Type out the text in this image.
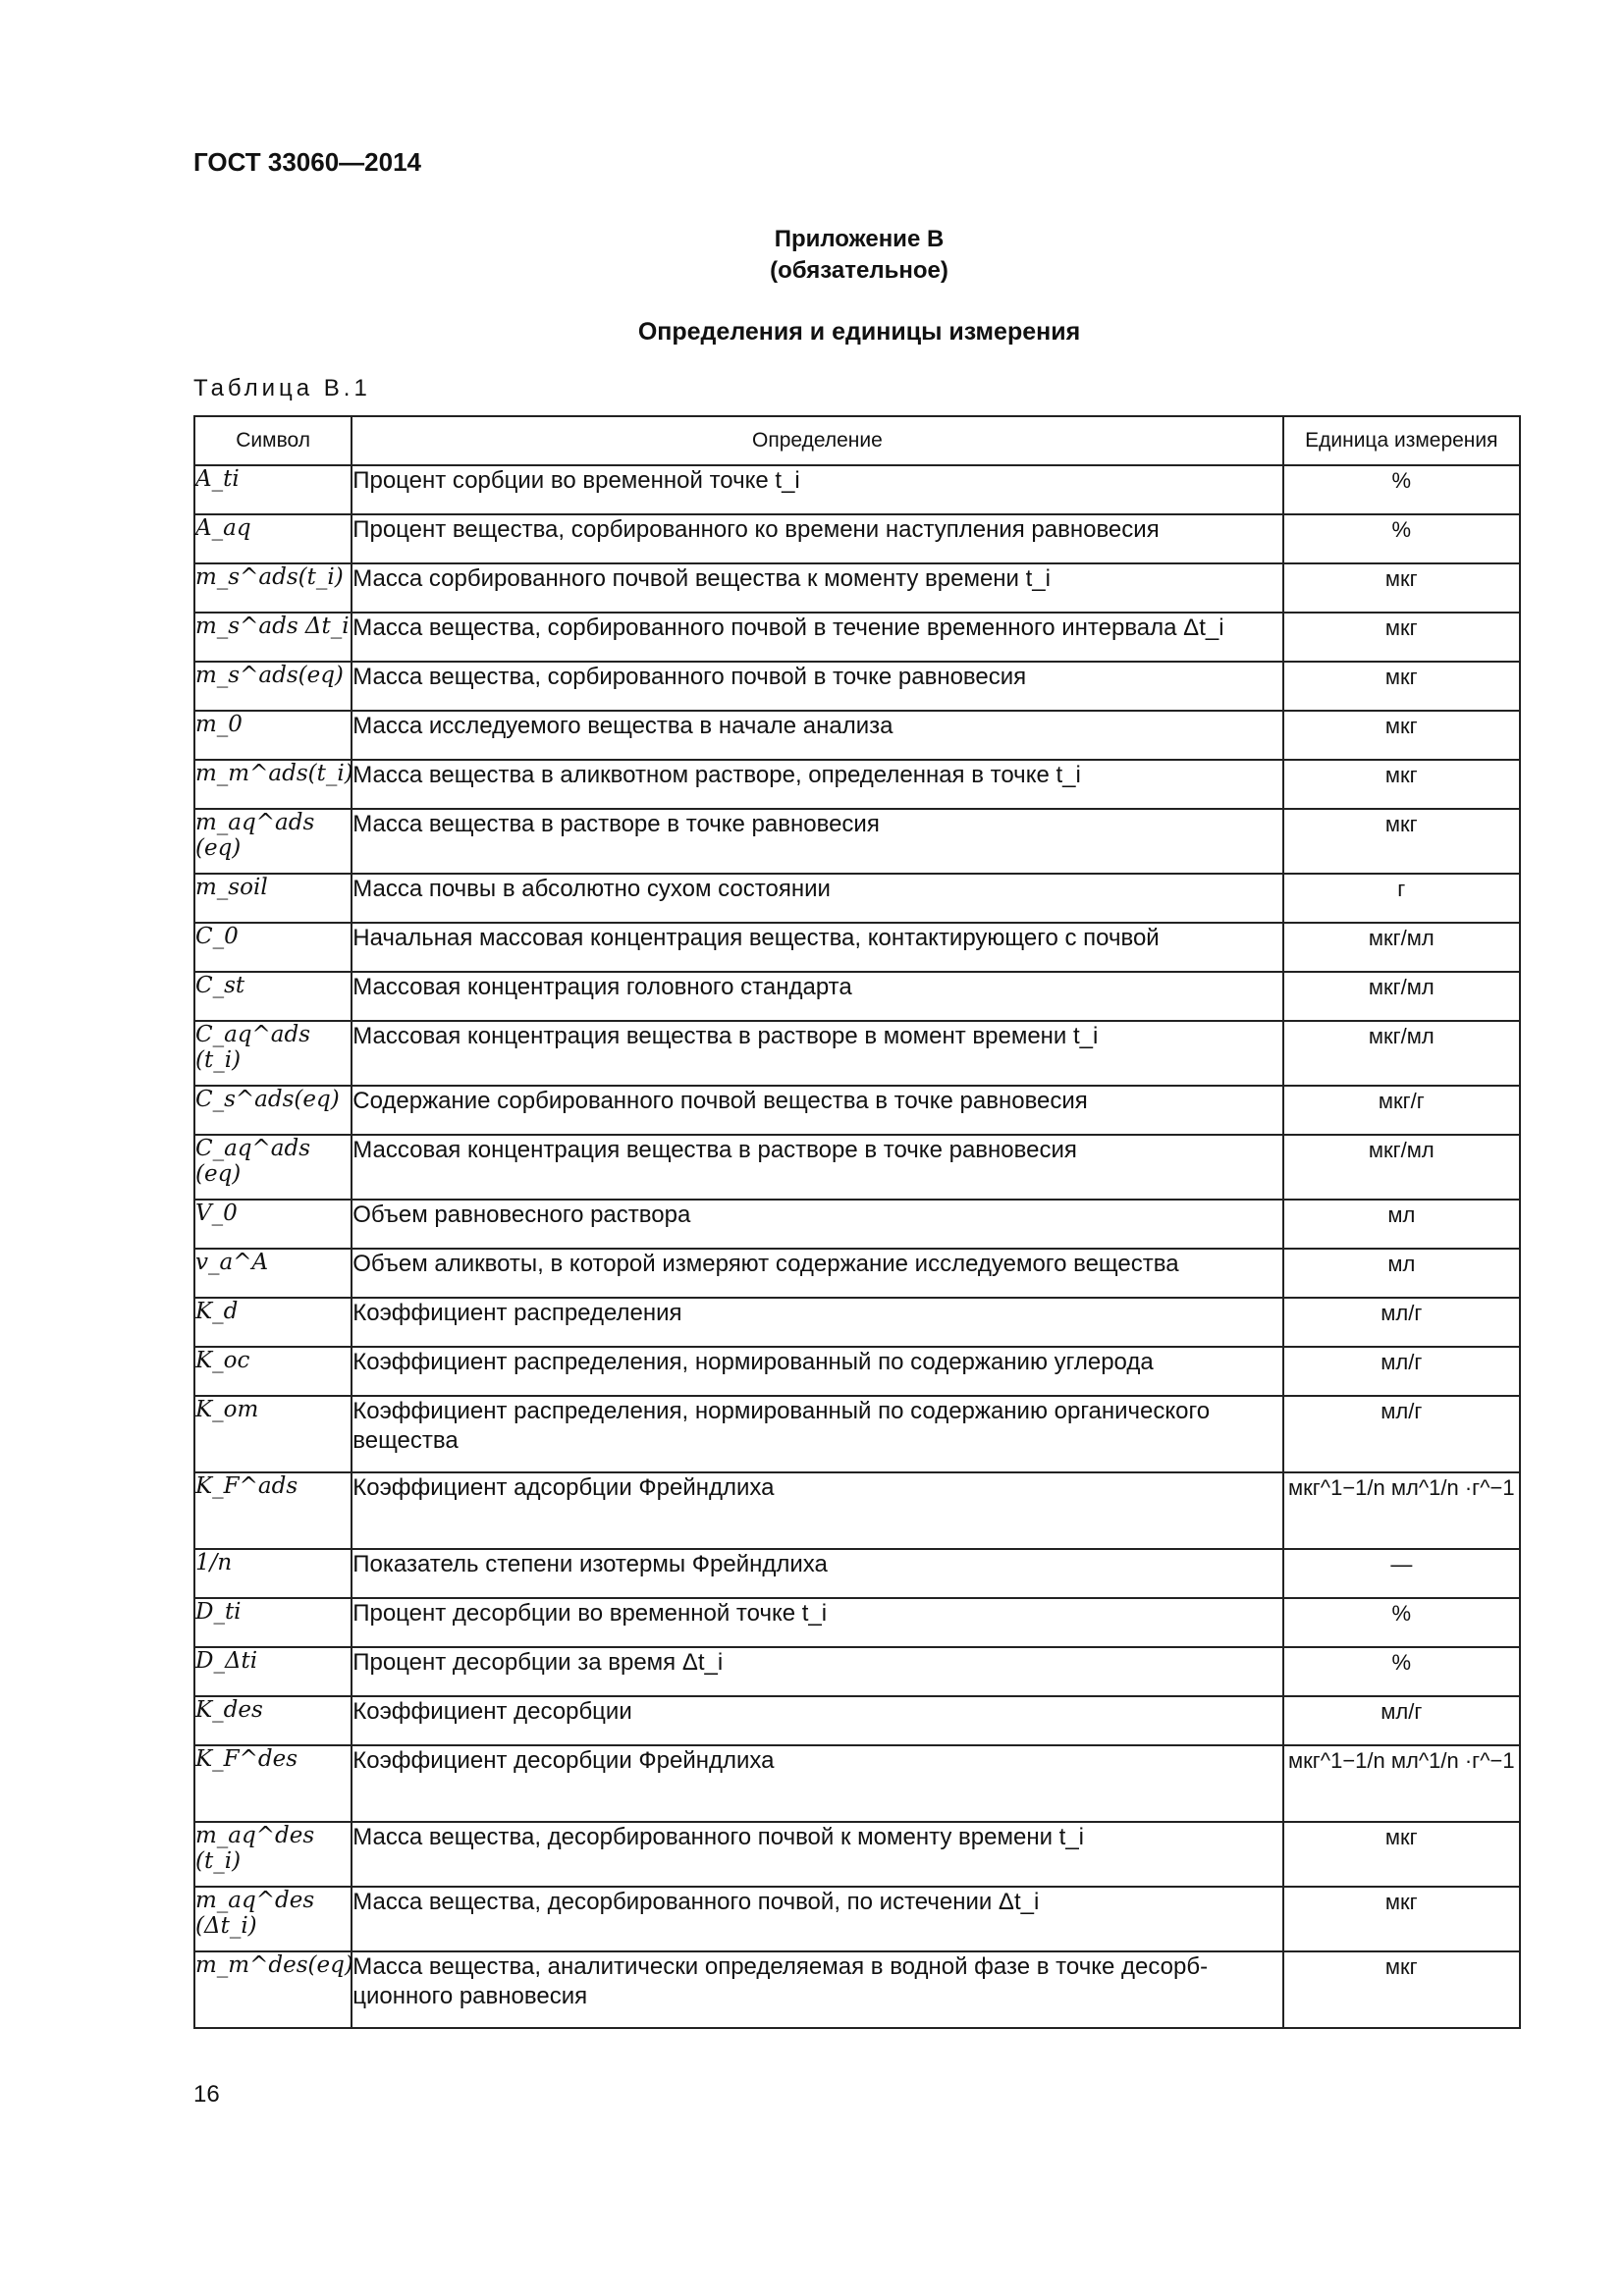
ГОСТ 33060—2014
Приложение В
(обязательное)
Определения и единицы измерения
Таблица В.1
Символ	Определение	Единица измерения
A_ti	Процент сорбции во временной точке t_i	%
A_aq	Процент вещества, сорбированного ко времени наступления равновесия	%
m_s^ads(t_i)	Масса сорбированного почвой вещества к моменту времени t_i	мкг
m_s^ads Δt_i	Масса вещества, сорбированного почвой в течение временного интервала Δt_i	мкг
m_s^ads(eq)	Масса вещества, сорбированного почвой в точке равновесия	мкг
m_0	Масса исследуемого вещества в начале анализа	мкг
m_m^ads(t_i)	Масса вещества в аликвотном растворе, определенная в точке t_i	мкг
m_aq^ads (eq)	Масса вещества в растворе в точке равновесия	мкг
m_soil	Масса почвы в абсолютно сухом состоянии	г
C_0	Начальная массовая концентрация вещества, контактирующего с почвой	мкг/мл
C_st	Массовая концентрация головного стандарта	мкг/мл
C_aq^ads (t_i)	Массовая концентрация вещества в растворе в момент времени t_i	мкг/мл
C_s^ads(eq)	Содержание сорбированного почвой вещества в точке равновесия	мкг/г
C_aq^ads (eq)	Массовая концентрация вещества в растворе в точке равновесия	мкг/мл
V_0	Объем равновесного раствора	мл
v_a^A	Объем аликвоты, в которой измеряют содержание исследуемого вещества	мл
K_d	Коэффициент распределения	мл/г
K_oc	Коэффициент распределения, нормированный по содержанию углерода	мл/г
K_om	Коэффициент распределения, нормированный по содержанию органического вещества	мл/г
K_F^ads	Коэффициент адсорбции Фрейндлиха	мкг^1−1/n мл^1/n ·г^−1
1/n	Показатель степени изотермы Фрейндлиха	—
D_ti	Процент десорбции во временной точке t_i	%
D_Δti	Процент десорбции за время Δt_i	%
K_des	Коэффициент десорбции	мл/г
K_F^des	Коэффициент десорбции Фрейндлиха	мкг^1−1/n мл^1/n ·г^−1
m_aq^des (t_i)	Масса вещества, десорбированного почвой к моменту времени t_i	мкг
m_aq^des (Δt_i)	Масса вещества, десорбированного почвой, по истечении Δt_i	мкг
m_m^des(eq)	Масса вещества, аналитически определяемая в водной фазе в точке десорб-ционного равновесия	мкг
16
